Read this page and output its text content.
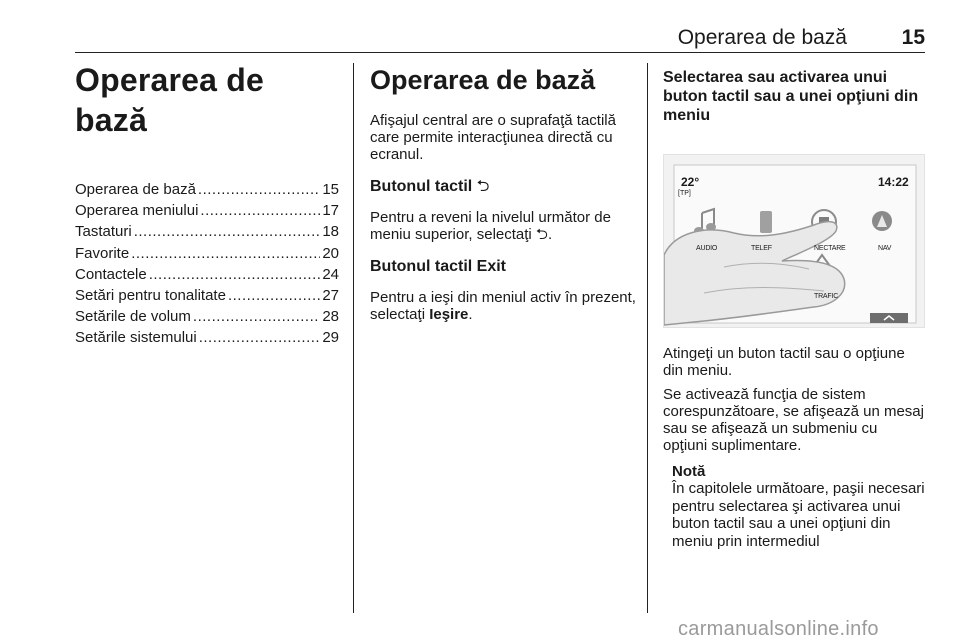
Operarea de bază	15
Operarea de bază
Operarea de bază .....	15
Operarea meniului .....	17
Tastaturi .....	18
Favorite .....	20
Contactele .....	24
Setări pentru tonalitate .....	27
Setările de volum .....	28
Setările sistemului .....	29
Operarea de bază

Afişajul central are o suprafaţă tactilă care permite interacţiunea directă cu ecranul.

Butonul tactil ⮌

Pentru a reveni la nivelul următor de meniu superior, selectaţi ⮌.

Butonul tactil Exit

Pentru a ieşi din meniul activ în prezent, selectaţi Ieşire.

Selectarea sau activarea unui buton tactil sau a unei opţiuni din meniu
22°
[TP]
14:22
AUDIO	TELEF	NECTARE	NAV
TRAFIC

Atingeţi un buton tactil sau o opţiune din meniu.

Se activează funcţia de sistem corespunzătoare, se afişează un mesaj sau se afişează un submeniu cu opţiuni suplimentare.

Notă

În capitolele următoare, paşii necesari pentru selectarea şi activarea unui buton tactil sau a unei opţiuni din meniu prin intermediul

carmanualsonline.info
